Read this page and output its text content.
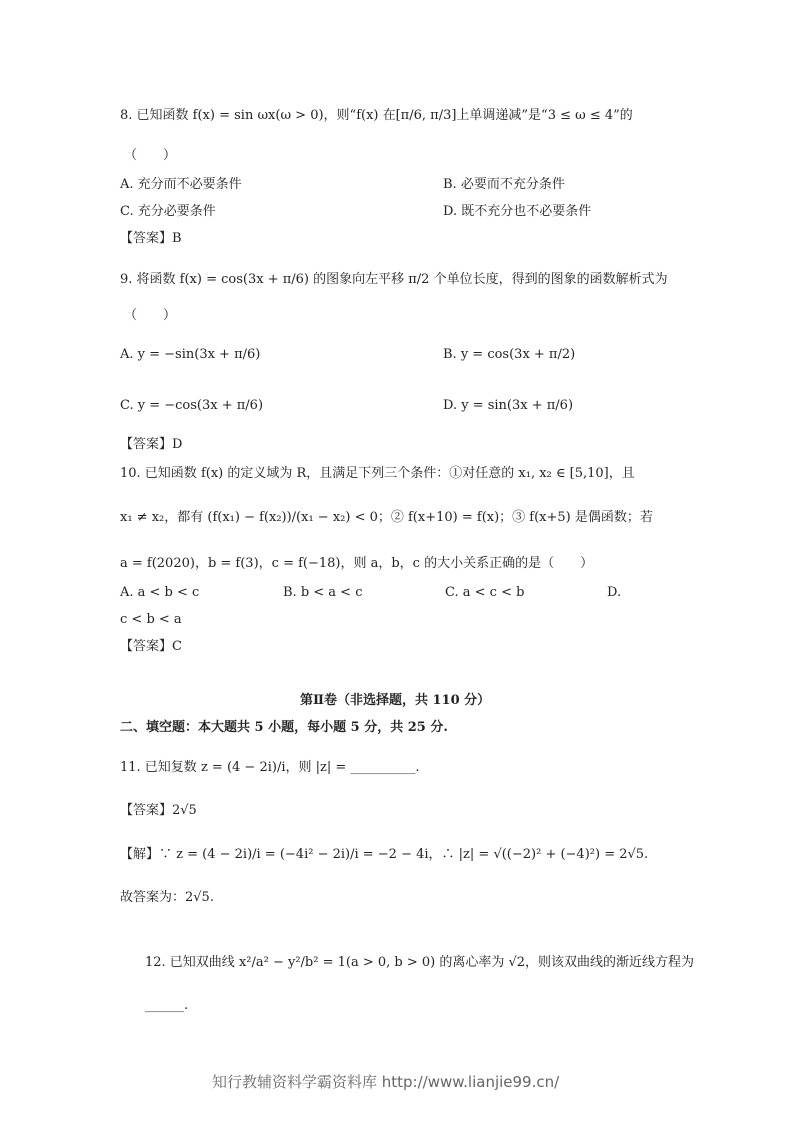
8. 已知函数 f(x) = sin ωx(ω > 0)，则“f(x) 在[π/6, π/3]上单调递减”是“3 ≤ ω ≤ 4”的
（　　）
A. 充分而不必要条件	B. 必要而不充分条件
C. 充分必要条件	D. 既不充分也不必要条件
【答案】B
9. 将函数 f(x) = cos(3x + π/6) 的图象向左平移 π/2 个单位长度，得到的图象的函数解析式为
（　　）
A. y = −sin(3x + π/6)	B. y = cos(3x + π/2)
C. y = −cos(3x + π/6)	D. y = sin(3x + π/6)
【答案】D
10. 已知函数 f(x) 的定义域为 R，且满足下列三个条件：①对任意的 x₁, x₂ ∈ [5,10]，且
x₁ ≠ x₂，都有 (f(x₁) − f(x₂))/(x₁ − x₂) < 0；② f(x+10) = f(x)；③ f(x+5) 是偶函数；若
a = f(2020)，b = f(3)，c = f(−18)，则 a，b，c 的大小关系正确的是（　　）
A. a < b < c	B. b < a < c	C. a < c < b	D.
c < b < a
【答案】C
第Ⅱ卷（非选择题，共 110 分）
二、填空题：本大题共 5 小题，每小题 5 分，共 25 分.
11. 已知复数 z = (4 − 2i)/i，则 |z| = __________.
【答案】2√5
【解】∵ z = (4 − 2i)/i = (−4i² − 2i)/i = −2 − 4i，∴ |z| = √((−2)² + (−4)²) = 2√5.
故答案为：2√5.
12. 已知双曲线 x²/a² − y²/b² = 1(a > 0, b > 0) 的离心率为 √2，则该双曲线的渐近线方程为
______.
知行教辅资料学霸资料库 http://www.lianjie99.cn/
